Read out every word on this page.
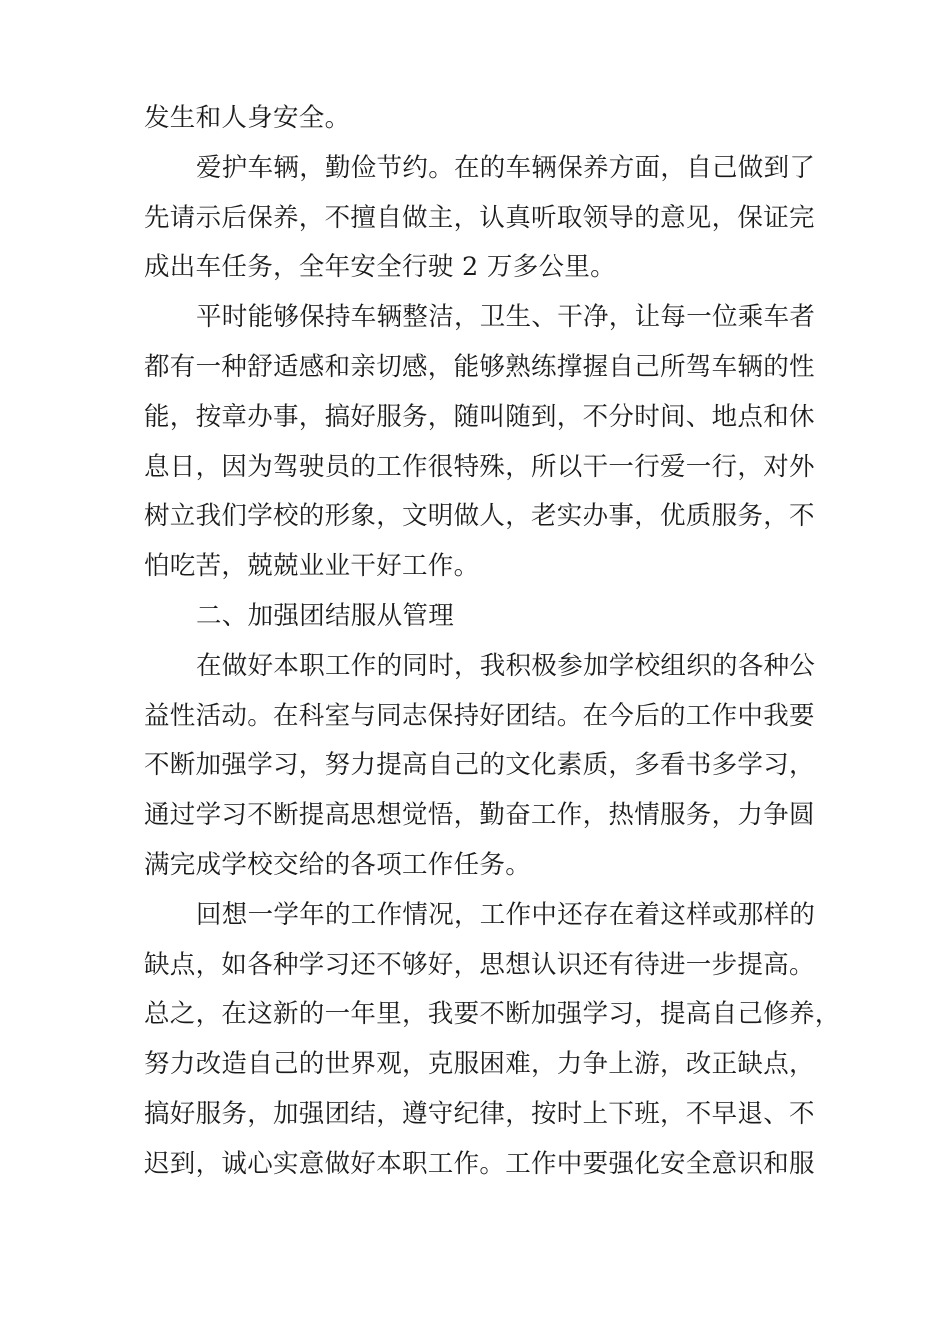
发生和人身安全。

爱护车辆，勤俭节约。在的车辆保养方面，自己做到了
先请示后保养，不擅自做主，认真听取领导的意见，保证完
成出车任务，全年安全行驶 2 万多公里。

平时能够保持车辆整洁，卫生、干净，让每一位乘车者
都有一种舒适感和亲切感，能够熟练撑握自己所驾车辆的性
能，按章办事，搞好服务，随叫随到，不分时间、地点和休
息日，因为驾驶员的工作很特殊，所以干一行爱一行，对外
树立我们学校的形象，文明做人，老实办事，优质服务，不
怕吃苦，兢兢业业干好工作。

二、加强团结服从管理

在做好本职工作的同时，我积极参加学校组织的各种公
益性活动。在科室与同志保持好团结。在今后的工作中我要
不断加强学习，努力提高自己的文化素质，多看书多学习，
通过学习不断提高思想觉悟，勤奋工作，热情服务，力争圆
满完成学校交给的各项工作任务。

回想一学年的工作情况，工作中还存在着这样或那样的
缺点，如各种学习还不够好，思想认识还有待进一步提高。
总之，在这新的一年里，我要不断加强学习，提高自己修养，
努力改造自己的世界观，克服困难，力争上游，改正缺点，
搞好服务，加强团结，遵守纪律，按时上下班，不早退、不
迟到，诚心实意做好本职工作。工作中要强化安全意识和服
